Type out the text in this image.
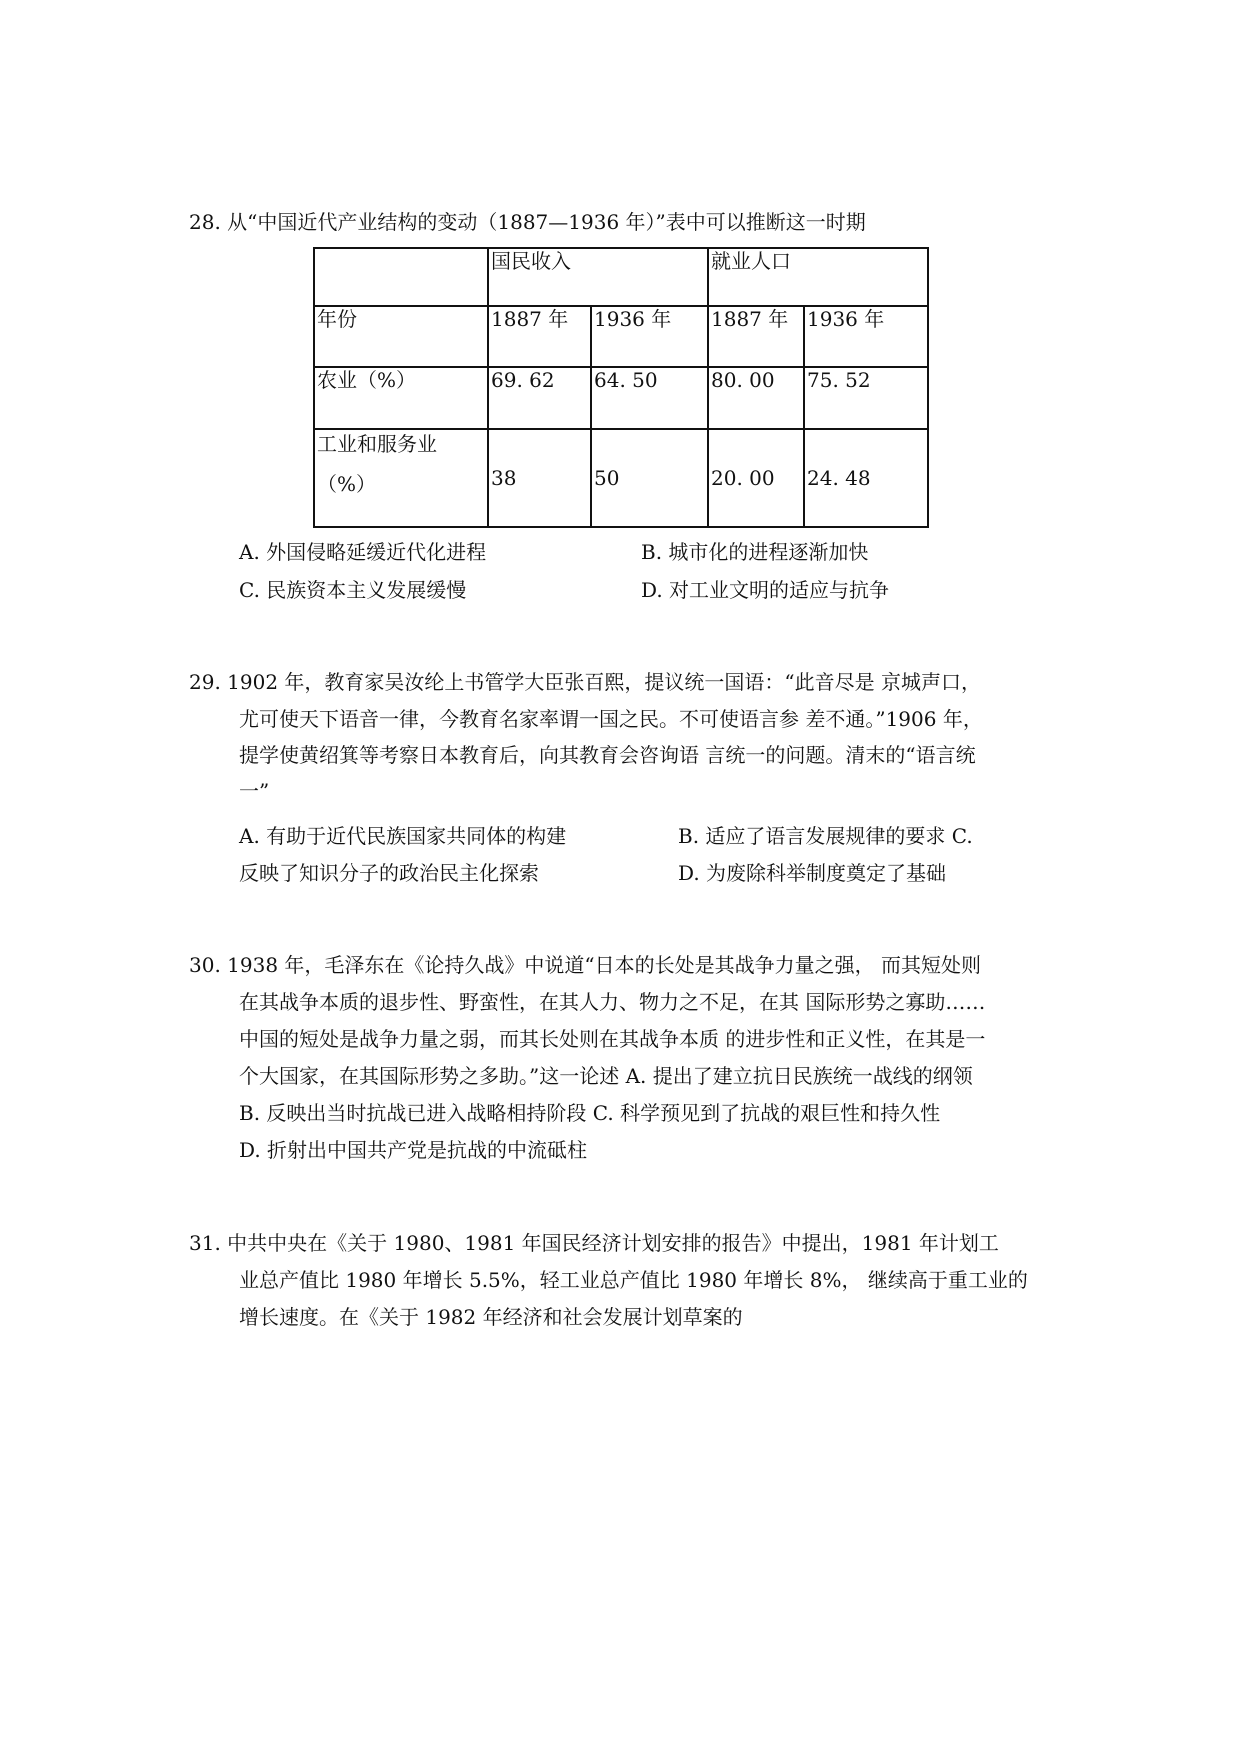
28. 从“中国近代产业结构的变动（1887—1936 年）”表中可以推断这一时期
	国民收入		就业人口	
年份	1887 年	1936 年	1887 年	1936 年
农业（%）	69. 62	64. 50	80. 00	75. 52

工业和服务业
（%）	38	50	20. 00	24. 48
A. 外国侵略延缓近代化进程	B. 城市化的进程逐渐加快
C. 民族资本主义发展缓慢	D. 对工业文明的适应与抗争
29. 1902 年，教育家吴汝纶上书管学大臣张百熙，提议统一国语：“此音尽是 京城声口，
尤可使天下语音一律，今教育名家率谓一国之民。不可使语言参 差不通。”1906 年，
提学使黄绍箕等考察日本教育后，向其教育会咨询语 言统一的问题。清末的“语言统
一”
A. 有助于近代民族国家共同体的构建	B. 适应了语言发展规律的要求 C.
反映了知识分子的政治民主化探索	D. 为废除科举制度奠定了基础
30. 1938 年，毛泽东在《论持久战》中说道“日本的长处是其战争力量之强， 而其短处则
在其战争本质的退步性、野蛮性，在其人力、物力之不足，在其 国际形势之寡助……
中国的短处是战争力量之弱，而其长处则在其战争本质 的进步性和正义性，在其是一
个大国家，在其国际形势之多助。”这一论述 A. 提出了建立抗日民族统一战线的纲领
B. 反映出当时抗战已进入战略相持阶段 C. 科学预见到了抗战的艰巨性和持久性
D. 折射出中国共产党是抗战的中流砥柱
31. 中共中央在《关于 1980、1981 年国民经济计划安排的报告》中提出，1981 年计划工
业总产值比 1980 年增长 5.5%，轻工业总产值比 1980 年增长 8%， 继续高于重工业的
增长速度。在《关于 1982 年经济和社会发展计划草案的
